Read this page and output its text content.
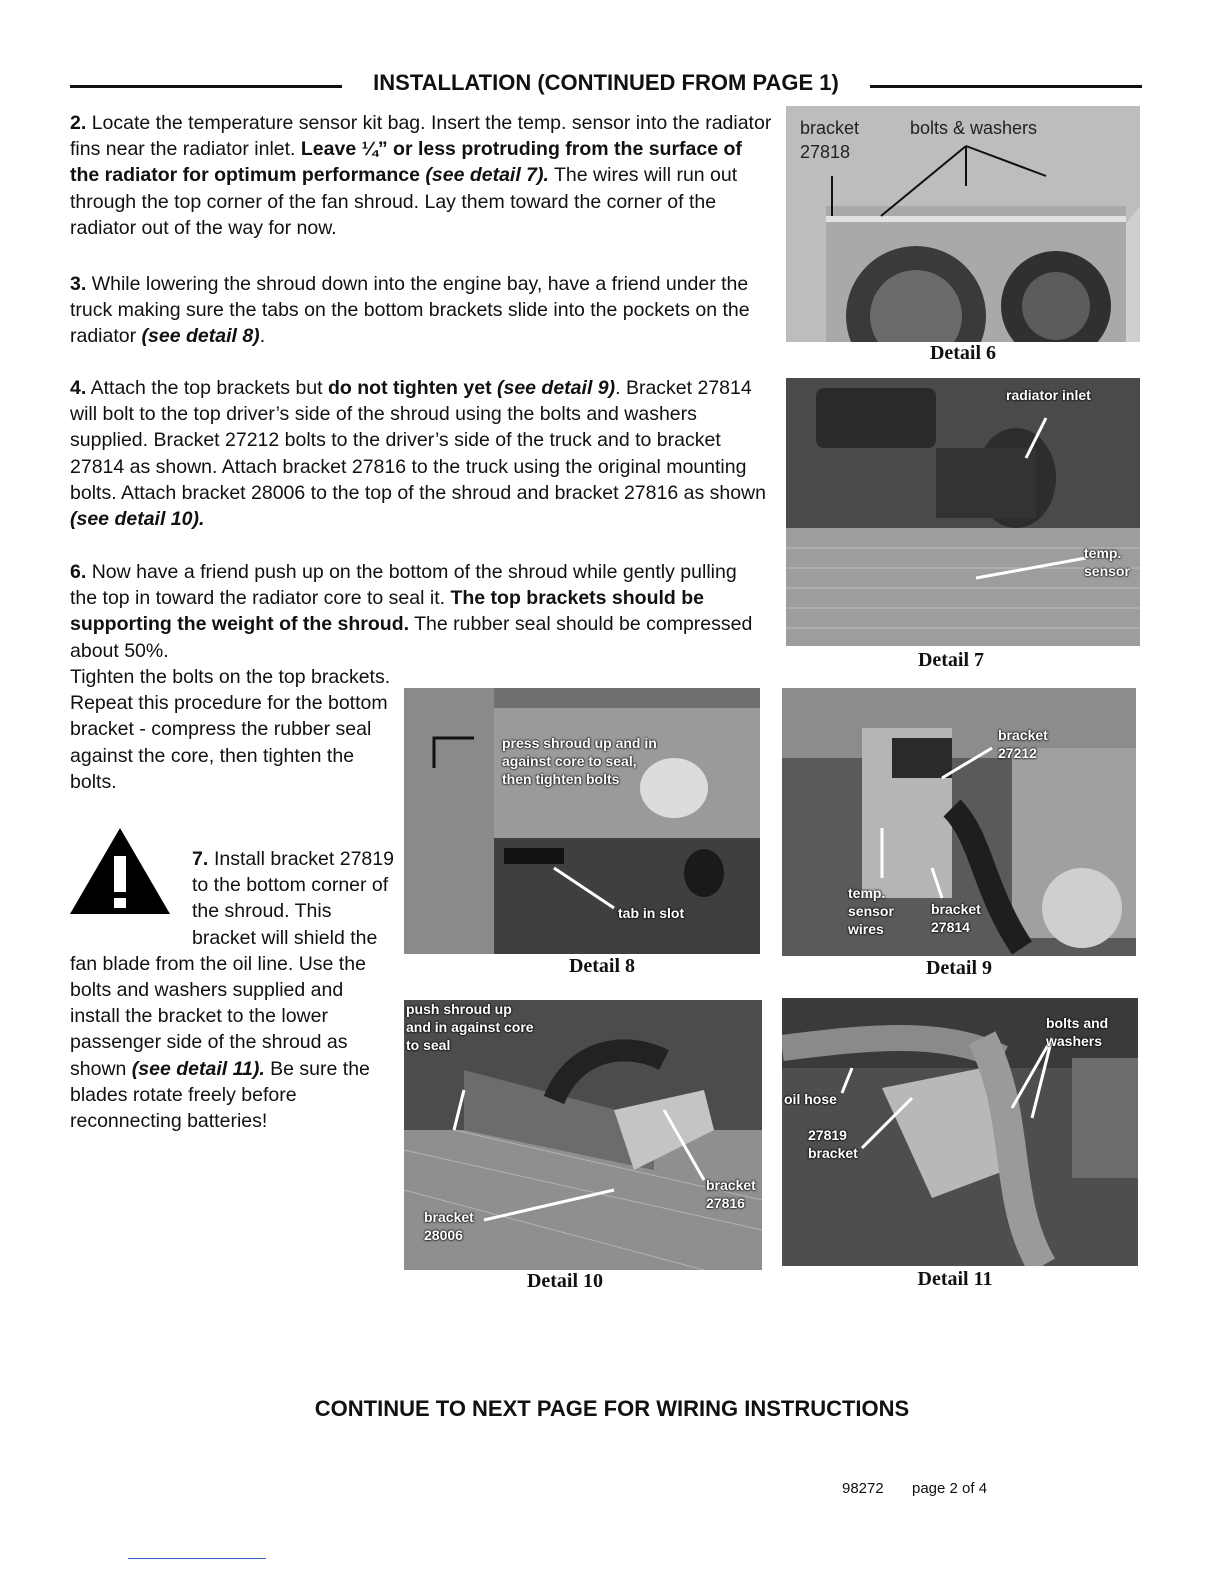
INSTALLATION (CONTINUED FROM PAGE 1)

2. Locate the temperature sensor kit bag. Insert the temp. sensor into the radiator fins near the radiator inlet. Leave ¼” or less protruding from the surface of the radiator for optimum performance (see detail 7). The wires will run out through the top corner of the fan shroud. Lay them toward the corner of the radiator out of the way for now.

3. While lowering the shroud down into the engine bay, have a friend under the truck making sure the tabs on the bottom brackets slide into the pockets on the radiator (see detail 8).

4. Attach the top brackets but do not tighten yet (see detail 9). Bracket 27814 will bolt to the top driver’s side of the shroud using the bolts and washers supplied. Bracket 27212 bolts to the driver’s side of the truck and to bracket 27814 as shown. Attach bracket 27816 to the truck using the original mounting bolts. Attach bracket 28006 to the top of the shroud and bracket 27816 as shown (see detail 10).

6. Now have a friend push up on the bottom of the shroud while gently pulling the top in toward the radiator core to seal it. The top brackets should be supporting the weight of the shroud. The rubber seal should be compressed about 50%.

Tighten the bolts on the top brackets. Repeat this procedure for the bottom bracket - compress the rubber seal against the core, then tighten the bolts.

7. Install bracket 27819 to the bottom corner of the shroud. This bracket will shield the fan blade from the oil line. Use the bolts and washers supplied and install the bracket to the lower passenger side of the shroud as shown (see detail 11). Be sure the blades rotate freely before reconnecting batteries!

bracket
27818
bolts & washers
Detail 6
radiator inlet
temp.
sensor
Detail 7
press shroud up and in
against core to seal,
then tighten bolts
tab in slot
Detail 8
bracket
27212
temp.
sensor
wires
bracket
27814
Detail 9
push shroud up
and in against core
to seal
bracket
27816
bracket
28006
Detail 10
bolts and
washers
oil hose
27819
bracket
Detail 11
CONTINUE TO NEXT PAGE FOR WIRING INSTRUCTIONS
98272 page 2 of 4
